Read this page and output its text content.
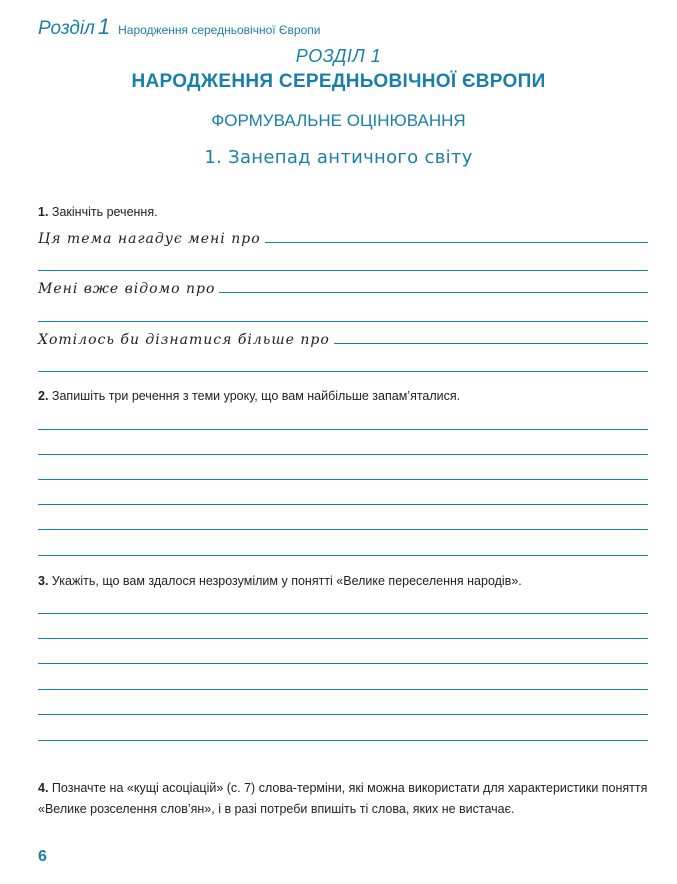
Розділ 1 Народження середньовічної Європи
РОЗДІЛ 1
НАРОДЖЕННЯ СЕРЕДНЬОВІЧНОЇ ЄВРОПИ
ФОРМУВАЛЬНЕ ОЦІНЮВАННЯ
1. Занепад античного світу
1. Закінчіть речення.
Ця тема нагадує мені про
Мені вже відомо про
Хотілось би дізнатися більше про
2. Запишіть три речення з теми уроку, що вам найбільше запам’яталися.
3. Укажіть, що вам здалося незрозумілим у понятті «Велике переселення народів».
4. Позначте на «кущі асоціацій» (с. 7) слова-терміни, які можна використати для характеристики поняття «Велике розселення слов’ян», і в разі потреби впишіть ті слова, яких не вистачає.
6
